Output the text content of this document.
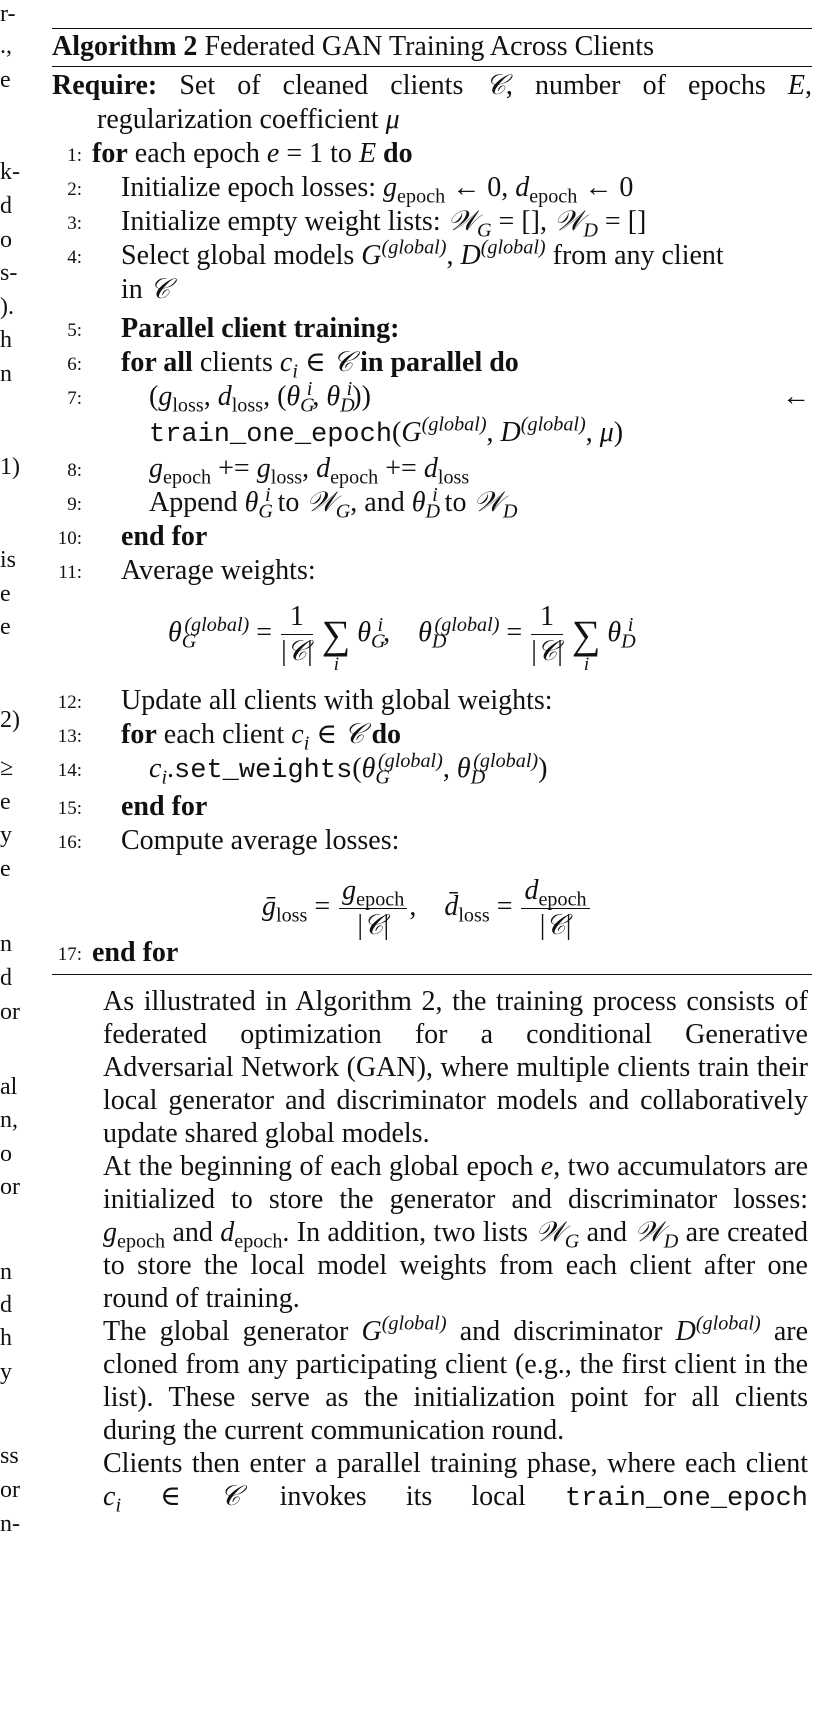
r-
.,
e
k-
d
o
s-
).
h
n
1)
is
e
e
2)
≥
e
y
e
n
d
or
al
n,
o
or
n
d
h
y
ss
or
n-
Algorithm 2 Federated GAN Training Across Clients
Require: Set of cleaned clients 𝒞, number of epochs E, regularization coefficient μ
1: for each epoch e = 1 to E do
2: Initialize epoch losses: $g_{epoch}$ ← 0, $d_{epoch}$ ← 0
3: Initialize empty weight lists: 𝒲$_G$ = [], 𝒲$_D$ = []
4: Select global models $G^{(global)}$, $D^{(global)}$ from any client
in 𝒞
5: Parallel client training:
6: for all clients $c_i$ ∈ 𝒞 in parallel do
7: ($g_{loss}$, $d_{loss}$, ($\theta_G^i$, $\theta_D^i$))	←
$train\_one\_epoch(G^{(global)}$, $D^{(global)}$, μ)
8: $g_{epoch} += g_{loss}$, $d_{epoch} += d_{loss}$
9: Append $\theta_G^i$ to 𝒲$_G$, and $\theta_D^i$ to 𝒲$_D$
10: end for
11: Average weights:
$\theta_G^{(global)} = \frac{1}{\text{|𝒞|}}$ ∑
i
$\theta_G^i$,    $\theta_D^{(global)} = \frac{1}{\text{|𝒞|}}$ ∑
i
$\theta_D^i$
12: Update all clients with global weights:
13: for each client $c_i$ ∈ 𝒞 do
14: $c_i.set\_weights(\theta_G^{(global)}$, $\theta_D^{(global)}$)
15: end for
16: Compute average losses:
ḡ$_{loss}$ = $\frac{g_{epoch}}{\text{|𝒞|}}$ ,    $d̄_{loss} = \frac{d_{epoch}}{\text{|𝒞|}}$
17: end for

As illustrated in Algorithm 2, the training process consists of federated optimization for a conditional Generative Adversarial Network (GAN), where multiple clients train their local generator and discriminator models and collaboratively update shared global models.

At the beginning of each global epoch e, two accumulators are initialized to store the generator and discriminator losses: $g_{epoch}$ and $d_{epoch}$. In addition, two lists 𝒲$_G$ and 𝒲$_D$ are created to store the local model weights from each client after one round of training.

The global generator $G^{(global)}$ and discriminator $D^{(global)}$ are cloned from any participating client (e.g., the first client in the list). These serve as the initialization point for all clients during the current communication round.

Clients then enter a parallel training phase, where each client $c_i$ ∈ 𝒞 invokes its local train_one_epoch
